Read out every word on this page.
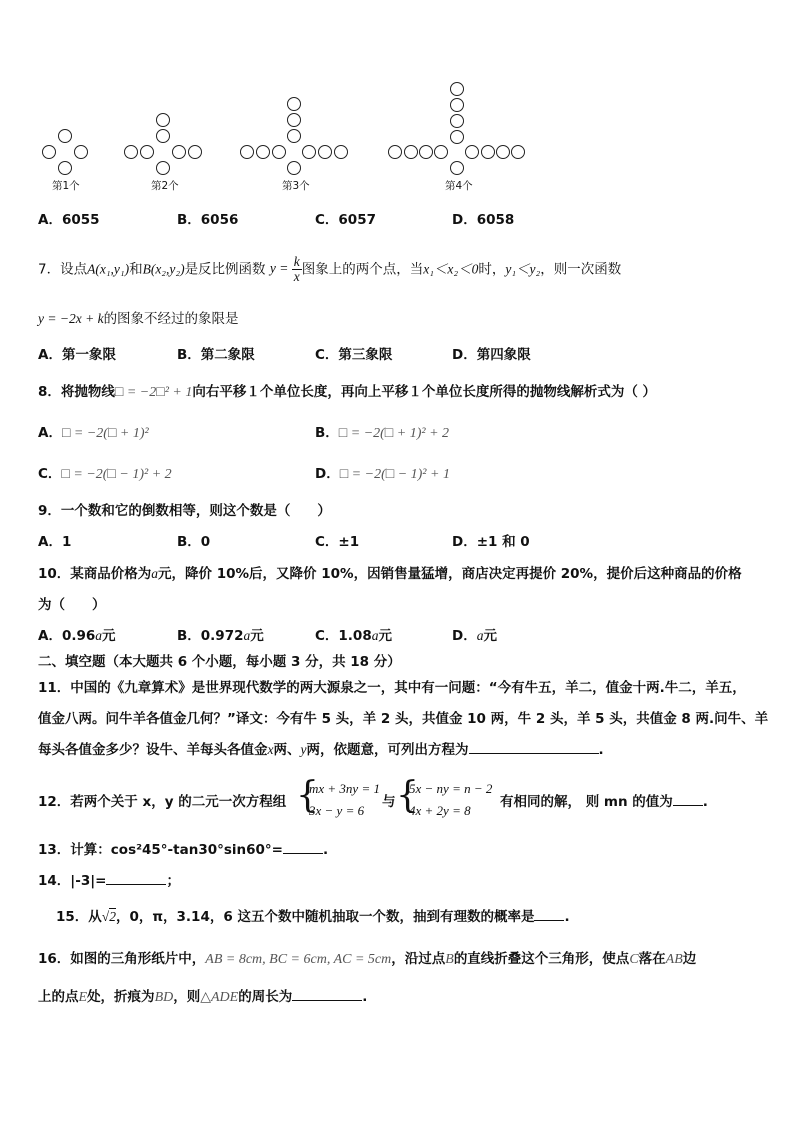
第1个	第2个	第3个	第4个
A．6055	B．6056	C．6057	D．6058
7．设点A(x₁,y₁)和B(x₂,y₂)是反比例函数 $y = \frac{k}{x}$ 图象上的两个点，当x₁＜x₂＜0时，y₁＜y₂，则一次函数
y = −2x + k的图象不经过的象限是
A．第一象限	B．第二象限	C．第三象限	D．第四象限
8．将抛物线□ = −2□² + 1向右平移１个单位长度，再向上平移１个单位长度所得的抛物线解析式为（ ）
A．□ = −2(□ + 1)²	B．□ = −2(□ + 1)² + 2
C．□ = −2(□ − 1)² + 2	D．□ = −2(□ − 1)² + 1
9．一个数和它的倒数相等，则这个数是（　　）
A．1	B．0	C．±1	D．±1 和 0
10．某商品价格为a元，降价 10%后，又降价 10%，因销售量猛增，商店决定再提价 20%，提价后这种商品的价格
为（　　）
A．0.96a元	B．0.972a元	C．1.08a元	D．a元
二、填空题（本大题共 6 个小题，每小题 3 分，共 18 分）
11．中国的《九章算术》是世界现代数学的两大源泉之一，其中有一问题：“今有牛五，羊二，值金十两.牛二，羊五，
值金八两。问牛羊各值金几何？”译文：今有牛 5 头，羊 2 头，共值金 10 两，牛 2 头，羊 5 头，共值金 8 两.问牛、羊
每头各值金多少？设牛、羊每头各值金x两、y两，依题意，可列出方程为	.
12．若两个关于 x，y 的二元一次方程组 {
mx + 3ny = 1
3x − y = 6
与 {
5x − ny = n − 2
4x + 2y = 8
有相同的解， 则 mn 的值为 .
13．计算：cos²45°-tan30°sin60°=	.
14．|-3|=	；
15．从√2，0，π，3.14，6 这五个数中随机抽取一个数，抽到有理数的概率是 .
16．如图的三角形纸片中，AB = 8cm, BC = 6cm, AC = 5cm，沿过点B的直线折叠这个三角形，使点C落在AB边
上的点E处，折痕为BD，则△ADE的周长为	.
